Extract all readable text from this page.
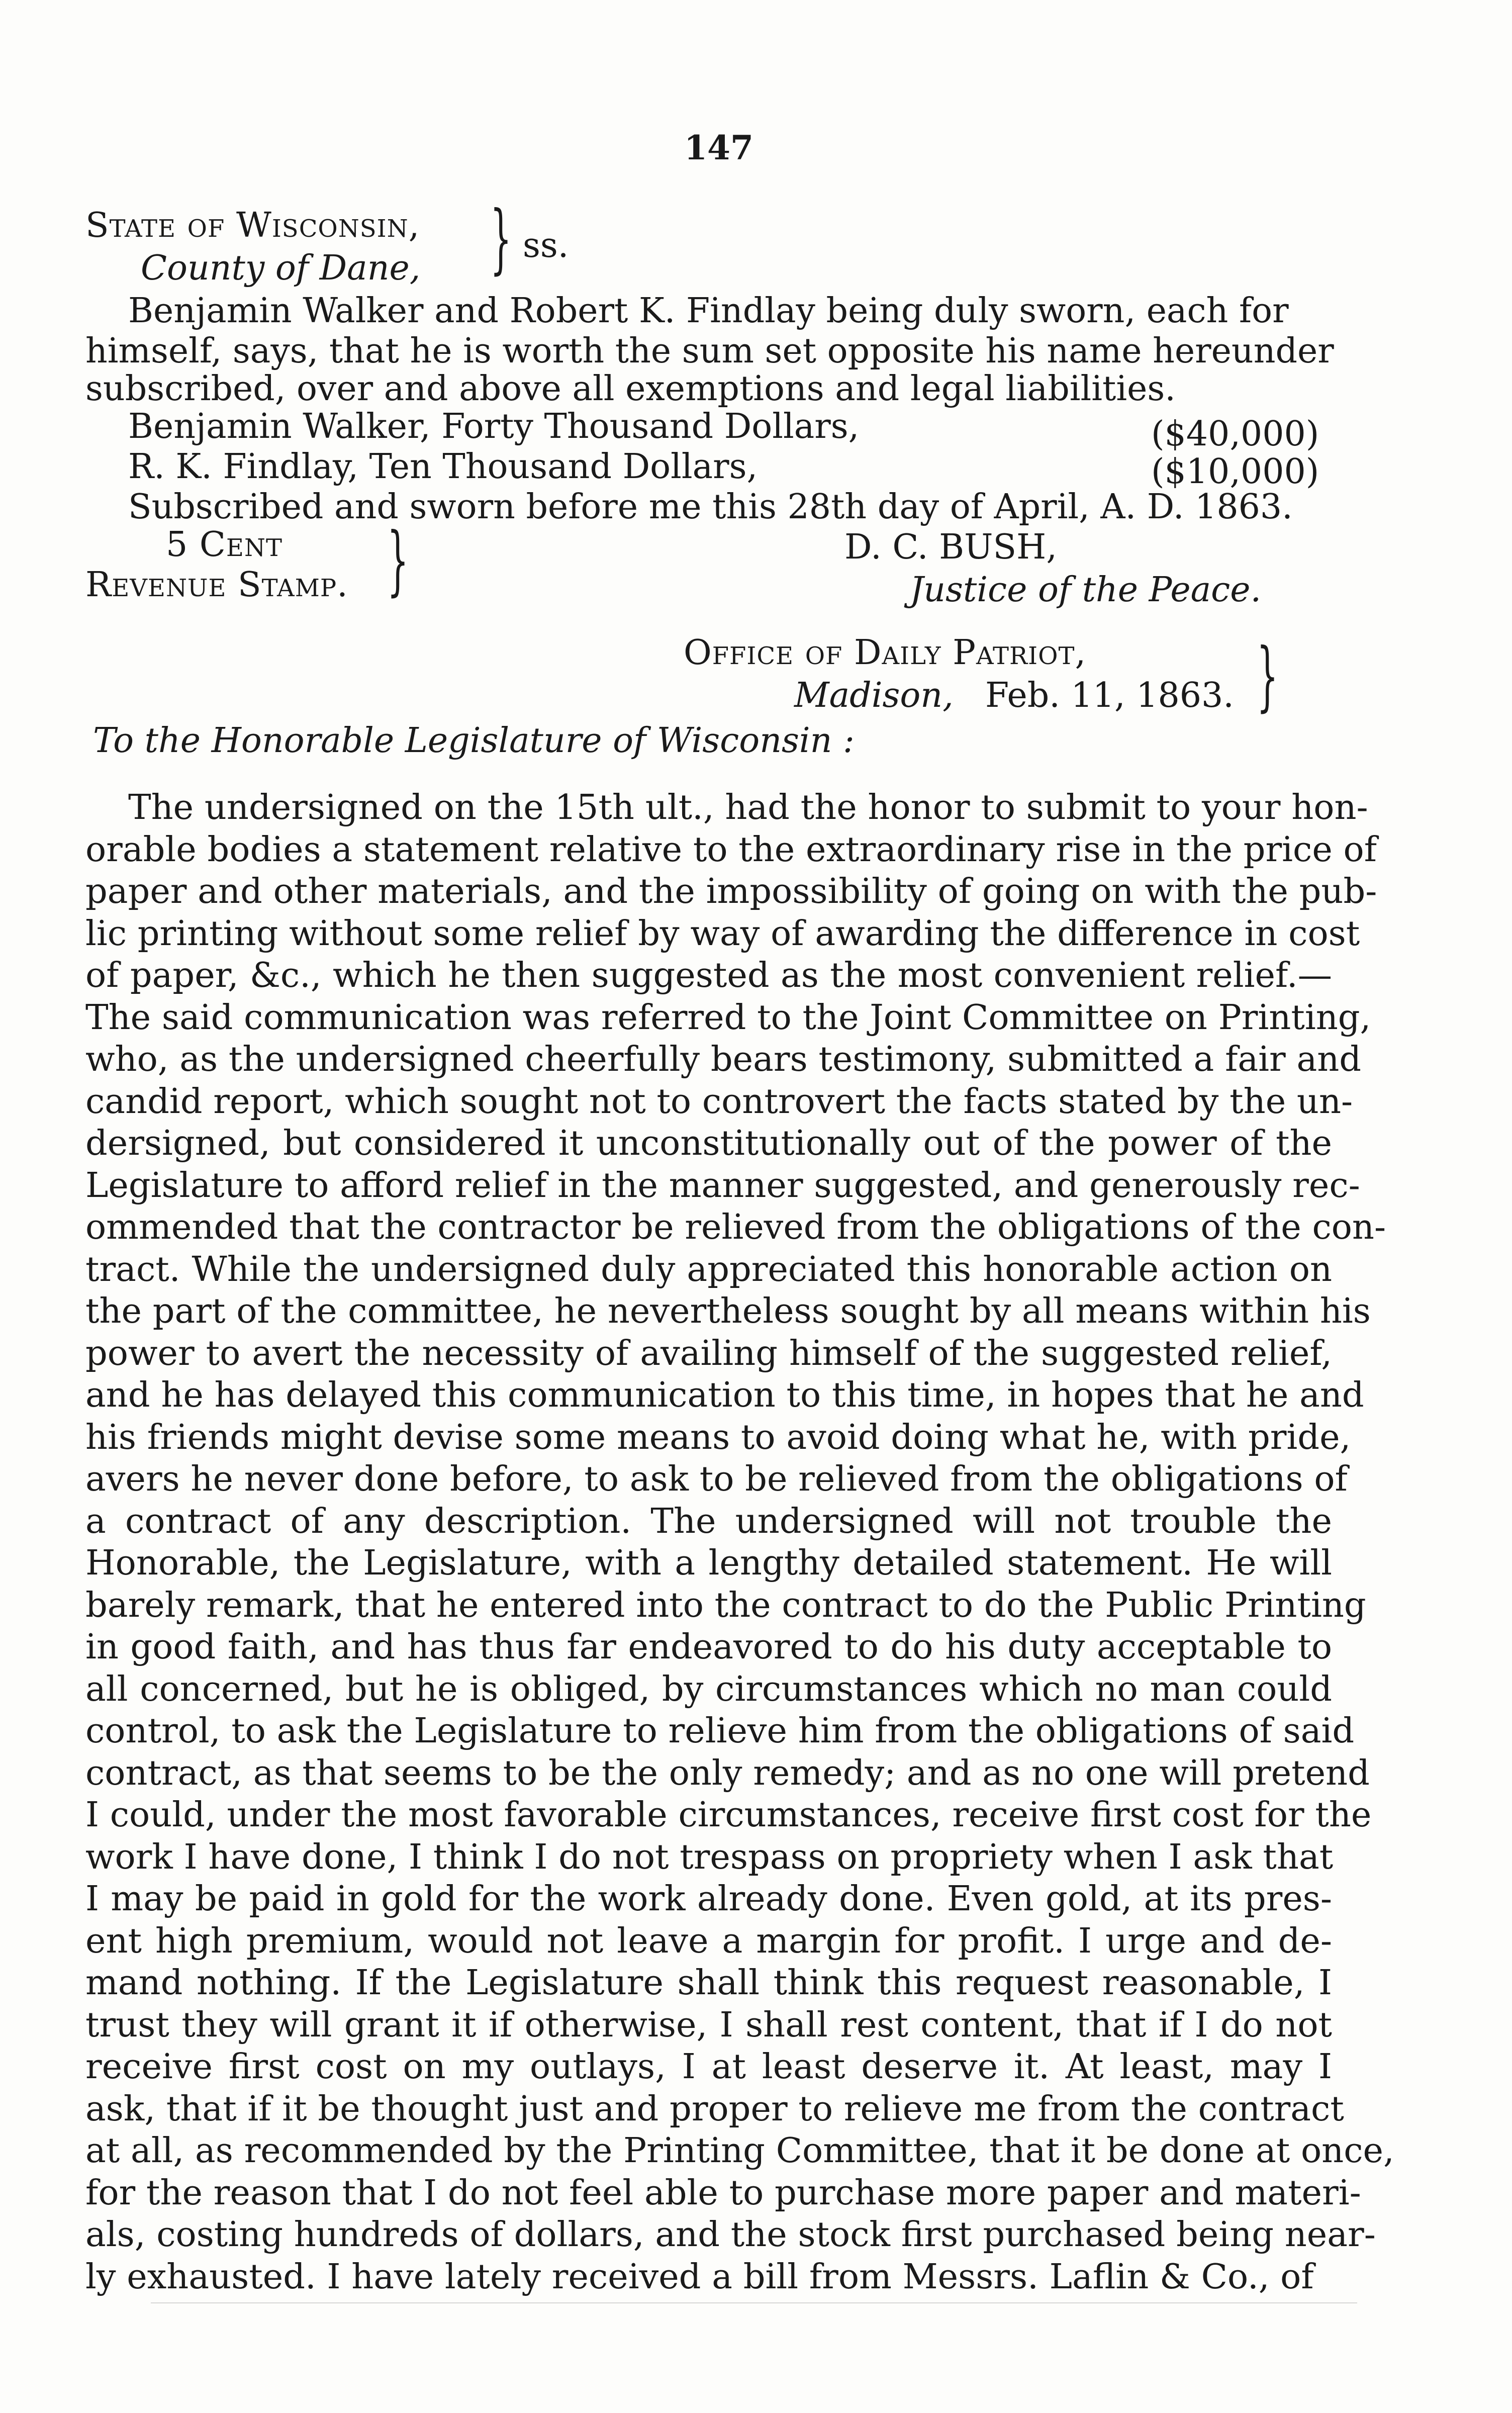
147
State of Wisconsin,
County of Dane, } ss.
Benjamin Walker and Robert K. Findlay being duly sworn, each for
himself, says, that he is worth the sum set opposite his name hereunder
subscribed, over and above all exemptions and legal liabilities.
Benjamin Walker, Forty Thousand Dollars,	($40,000)
R. K. Findlay, Ten Thousand Dollars,	($10,000)
Subscribed and sworn before me this 28th day of April, A. D. 1863.
5 Cent
Revenue Stamp. }	D. C. BUSH,
Justice of the Peace.
Office of Daily Patriot,
Madison, Feb. 11, 1863. }
To the Honorable Legislature of Wisconsin :
The undersigned on the 15th ult., had the honor to submit to your hon-
orable bodies a statement relative to the extraordinary rise in the price of
paper and other materials, and the impossibility of going on with the pub-
lic printing without some relief by way of awarding the difference in cost
of paper, &c., which he then suggested as the most convenient relief.—
The said communication was referred to the Joint Committee on Printing,
who, as the undersigned cheerfully bears testimony, submitted a fair and
candid report, which sought not to controvert the facts stated by the un-
dersigned, but considered it unconstitutionally out of the power of the
Legislature to afford relief in the manner suggested, and generously rec-
ommended that the contractor be relieved from the obligations of the con-
tract. While the undersigned duly appreciated this honorable action on
the part of the committee, he nevertheless sought by all means within his
power to avert the necessity of availing himself of the suggested relief,
and he has delayed this communication to this time, in hopes that he and
his friends might devise some means to avoid doing what he, with pride,
avers he never done before, to ask to be relieved from the obligations of
a contract of any description. The undersigned will not trouble the
Honorable, the Legislature, with a lengthy detailed statement. He will
barely remark, that he entered into the contract to do the Public Printing
in good faith, and has thus far endeavored to do his duty acceptable to
all concerned, but he is obliged, by circumstances which no man could
control, to ask the Legislature to relieve him from the obligations of said
contract, as that seems to be the only remedy; and as no one will pretend
I could, under the most favorable circumstances, receive first cost for the
work I have done, I think I do not trespass on propriety when I ask that
I may be paid in gold for the work already done. Even gold, at its pres-
ent high premium, would not leave a margin for profit. I urge and de-
mand nothing. If the Legislature shall think this request reasonable, I
trust they will grant it if otherwise, I shall rest content, that if I do not
receive first cost on my outlays, I at least deserve it. At least, may I
ask, that if it be thought just and proper to relieve me from the contract
at all, as recommended by the Printing Committee, that it be done at once,
for the reason that I do not feel able to purchase more paper and materi-
als, costing hundreds of dollars, and the stock first purchased being near-
ly exhausted. I have lately received a bill from Messrs. Laflin & Co., of
